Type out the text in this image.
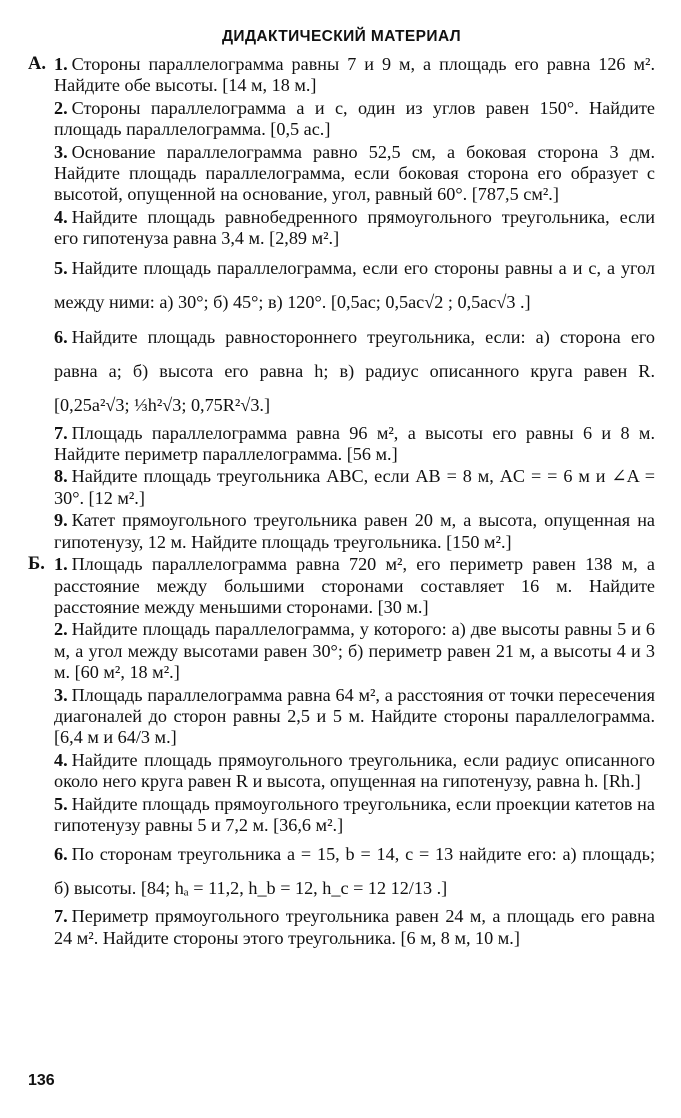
ДИДАКТИЧЕСКИЙ МАТЕРИАЛ
А. 1. Стороны параллелограмма равны 7 и 9 м, а площадь его равна 126 м². Найдите обе высоты. [14 м, 18 м.]
2. Стороны параллелограмма a и c, один из углов равен 150°. Найдите площадь параллелограмма. [0,5 ac.]
3. Основание параллелограмма равно 52,5 см, а боковая сторона 3 дм. Найдите площадь параллелограмма, если боковая сторона его образует с высотой, опущенной на основание, угол, равный 60°. [787,5 см².]
4. Найдите площадь равнобедренного прямоугольного треугольника, если его гипотенуза равна 3,4 м. [2,89 м².]
5. Найдите площадь параллелограмма, если его стороны равны a и c, а угол между ними: а) 30°; б) 45°; в) 120°. [0,5ac; 0,5ac√2 ; 0,5ac√3 .]
6. Найдите площадь равностороннего треугольника, если: а) сторона его равна a; б) высота его равна h; в) радиус описанного круга равен R. [0,25a²√3; ⅓h²√3; 0,75R²√3.]
7. Площадь параллелограмма равна 96 м², а высоты его равны 6 и 8 м. Найдите периметр параллелограмма. [56 м.]
8. Найдите площадь треугольника ABC, если AB = 8 м, AC = = 6 м и ∠A = 30°. [12 м².]
9. Катет прямоугольного треугольника равен 20 м, а высота, опущенная на гипотенузу, 12 м. Найдите площадь треугольника. [150 м².]
Б. 1. Площадь параллелограмма равна 720 м², его периметр равен 138 м, а расстояние между большими сторонами составляет 16 м. Найдите расстояние между меньшими сторонами. [30 м.]
2. Найдите площадь параллелограмма, у которого: а) две высоты равны 5 и 6 м, а угол между высотами равен 30°; б) периметр равен 21 м, а высоты 4 и 3 м. [60 м², 18 м².]
3. Площадь параллелограмма равна 64 м², а расстояния от точки пересечения диагоналей до сторон равны 2,5 и 5 м. Найдите стороны параллелограмма. [6,4 м и 64/3 м.]
4. Найдите площадь прямоугольного треугольника, если радиус описанного около него круга равен R и высота, опущенная на гипотенузу, равна h. [Rh.]
5. Найдите площадь прямоугольного треугольника, если проекции катетов на гипотенузу равны 5 и 7,2 м. [36,6 м².]
6. По сторонам треугольника a = 15, b = 14, c = 13 найдите его: а) площадь; б) высоты. [84; hₐ = 11,2, h_b = 12, h_c = 12 12/13 .]
7. Периметр прямоугольного треугольника равен 24 м, а площадь его равна 24 м². Найдите стороны этого треугольника. [6 м, 8 м, 10 м.]
136
